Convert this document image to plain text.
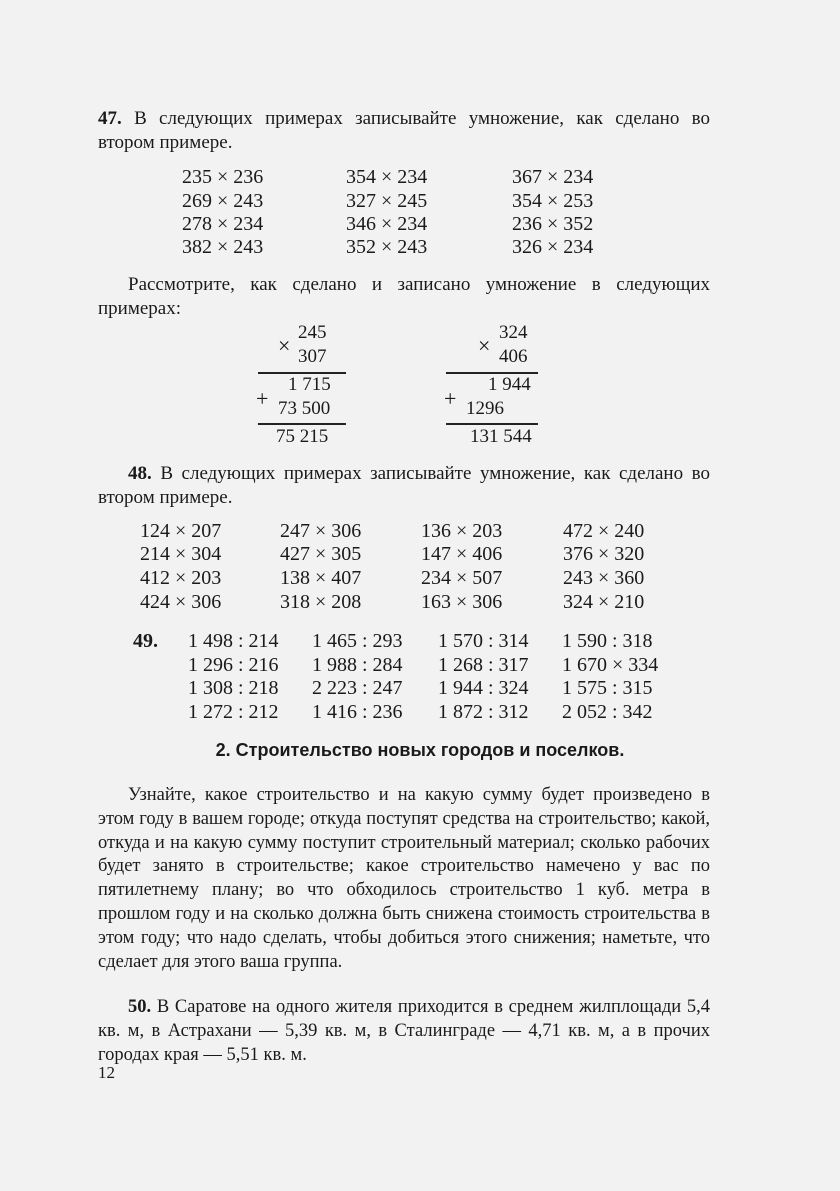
47. В следующих примерах записывайте умножение, как сделано во втором примере.
235 × 236	354 × 234	367 × 234
269 × 243	327 × 245	354 × 253
278 × 234	346 × 234	236 × 352
382 × 243	352 × 243	326 × 234
Рассмотрите, как сделано и записано умножение в следующих примерах:
×
245
307
+
1 715
73 500
75 215
×
324
406
+
1 944
1296
131 544
48. В следующих примерах записывайте умножение, как сделано во втором примере.
124 × 207	247 × 306	136 × 203	472 × 240
214 × 304	427 × 305	147 × 406	376 × 320
412 × 203	138 × 407	234 × 507	243 × 360
424 × 306	318 × 208	163 × 306	324 × 210
49. 1 498 : 214 1 465 : 293 1 570 : 314 1 590 : 318
1 296 : 216 1 988 : 284 1 268 : 317 1 670 × 334
1 308 : 218 2 223 : 247 1 944 : 324 1 575 : 315
1 272 : 212 1 416 : 236 1 872 : 312 2 052 : 342
2. Строительство новых городов и поселков.
Узнайте, какое строительство и на какую сумму будет произведено в этом году в вашем городе; откуда поступят средства на строительство; какой, откуда и на какую сумму поступит строительный материал; сколько рабочих будет занято в строительстве; какое строительство намечено у вас по пятилетнему плану; во что обходилось строительство 1 куб. метра в прошлом году и на сколько должна быть снижена стоимость строительства в этом году; что надо сделать, чтобы добиться этого снижения; наметьте, что сделает для этого ваша группа.
50. В Саратове на одного жителя приходится в среднем жилплощади 5,4 кв. м, в Астрахани — 5,39 кв. м, в Сталинграде — 4,71 кв. м, а в прочих городах края — 5,51 кв. м.
12
